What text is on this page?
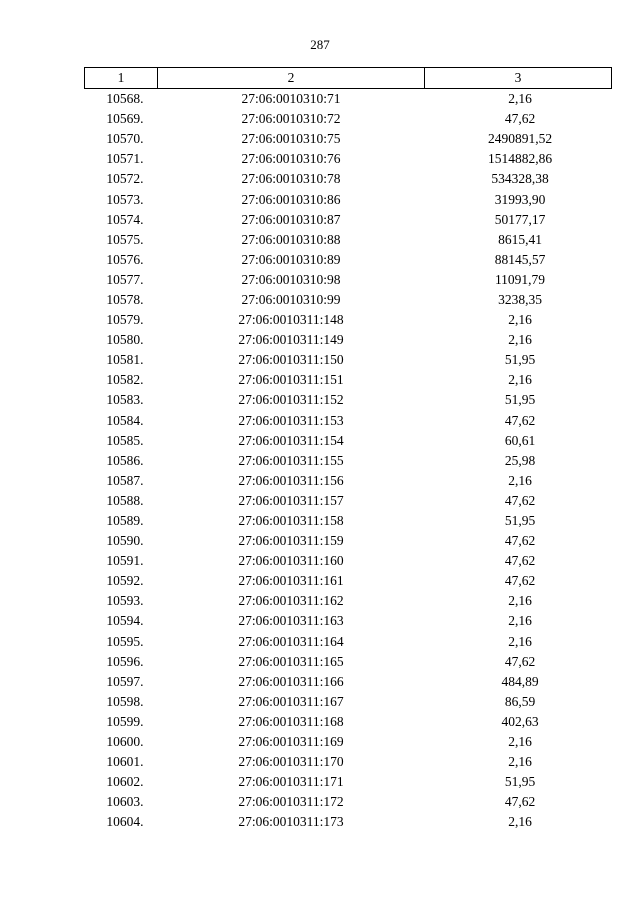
287
1	2	3
10568.	27:06:0010310:71	2,16
10569.	27:06:0010310:72	47,62
10570.	27:06:0010310:75	2490891,52
10571.	27:06:0010310:76	1514882,86
10572.	27:06:0010310:78	534328,38
10573.	27:06:0010310:86	31993,90
10574.	27:06:0010310:87	50177,17
10575.	27:06:0010310:88	8615,41
10576.	27:06:0010310:89	88145,57
10577.	27:06:0010310:98	11091,79
10578.	27:06:0010310:99	3238,35
10579.	27:06:0010311:148	2,16
10580.	27:06:0010311:149	2,16
10581.	27:06:0010311:150	51,95
10582.	27:06:0010311:151	2,16
10583.	27:06:0010311:152	51,95
10584.	27:06:0010311:153	47,62
10585.	27:06:0010311:154	60,61
10586.	27:06:0010311:155	25,98
10587.	27:06:0010311:156	2,16
10588.	27:06:0010311:157	47,62
10589.	27:06:0010311:158	51,95
10590.	27:06:0010311:159	47,62
10591.	27:06:0010311:160	47,62
10592.	27:06:0010311:161	47,62
10593.	27:06:0010311:162	2,16
10594.	27:06:0010311:163	2,16
10595.	27:06:0010311:164	2,16
10596.	27:06:0010311:165	47,62
10597.	27:06:0010311:166	484,89
10598.	27:06:0010311:167	86,59
10599.	27:06:0010311:168	402,63
10600.	27:06:0010311:169	2,16
10601.	27:06:0010311:170	2,16
10602.	27:06:0010311:171	51,95
10603.	27:06:0010311:172	47,62
10604.	27:06:0010311:173	2,16
